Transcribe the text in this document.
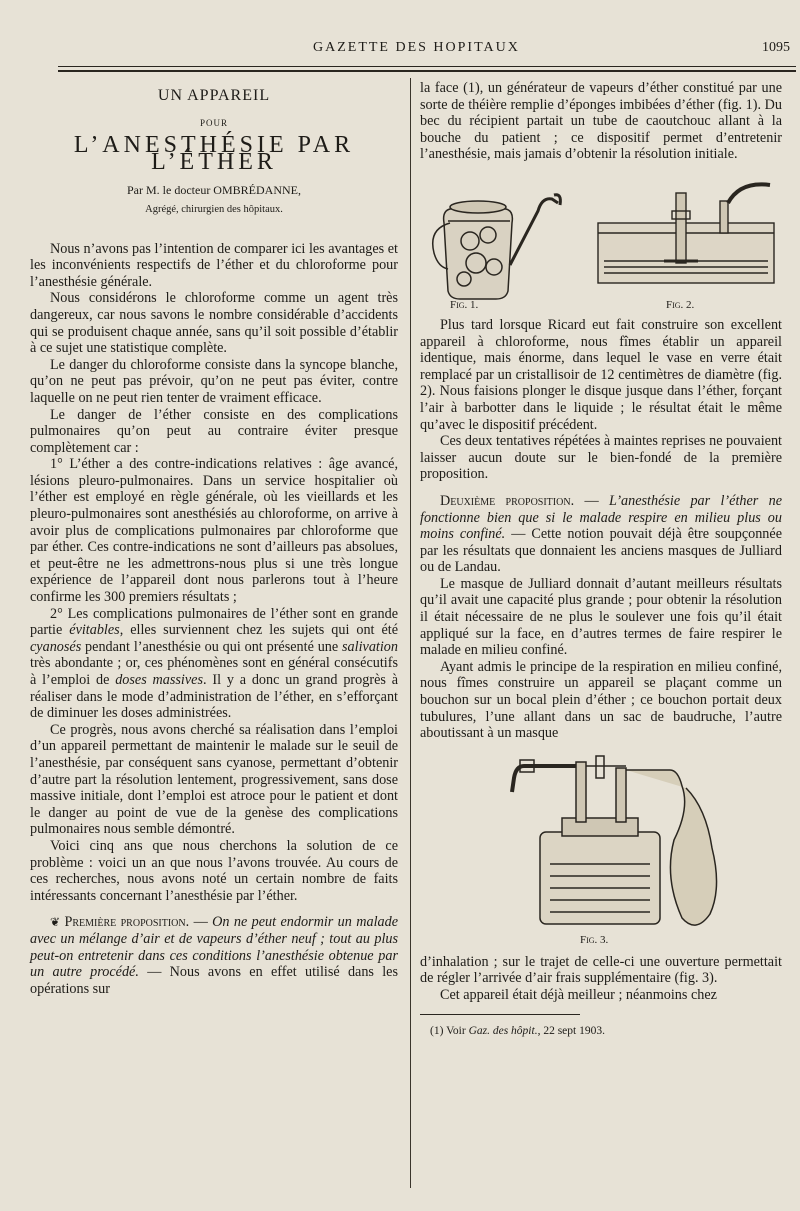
GAZETTE DES HOPITAUX	1095
UN APPAREIL
POUR
L’ANESTHÉSIE PAR L’ÉTHER
Par M. le docteur OMBRÉDANNE,
Agrégé, chirurgien des hôpitaux.

Nous n’avons pas l’intention de comparer ici les avantages et les inconvénients respectifs de l’éther et du chloroforme pour l’anesthésie générale.

Nous considérons le chloroforme comme un agent très dangereux, car nous savons le nombre considérable d’accidents qui se produisent chaque année, sans qu’il soit possible d’établir à ce sujet une statistique complète.

Le danger du chloroforme consiste dans la syncope blanche, qu’on ne peut pas prévoir, qu’on ne peut pas éviter, contre laquelle on ne peut rien tenter de vraiment efficace.

Le danger de l’éther consiste en des complications pulmonaires qu’on peut au contraire éviter presque complètement car :

1° L’éther a des contre-indications relatives : âge avancé, lésions pleuro-pulmonaires. Dans un service hospitalier où l’éther est employé en règle générale, où les vieillards et les pleuro-pulmonaires sont anesthésiés au chloroforme, on arrive à avoir plus de complications pulmonaires par chloroforme que par éther. Ces contre-indications ne sont d’ailleurs pas absolues, et peut-être ne les admettrons-nous plus si une très longue expérience de l’appareil dont nous parlerons tout à l’heure confirme les 300 premiers résultats ;

2° Les complications pulmonaires de l’éther sont en grande partie évitables, elles surviennent chez les sujets qui ont été cyanosés pendant l’anesthésie ou qui ont présenté une salivation très abondante ; or, ces phénomènes sont en général consécutifs à l’emploi de doses massives. Il y a donc un grand progrès à réaliser dans le mode d’administration de l’éther, en s’efforçant de diminuer les doses administrées.

Ce progrès, nous avons cherché sa réalisation dans l’emploi d’un appareil permettant de maintenir le malade sur le seuil de l’anesthésie, par conséquent sans cyanose, permettant d’obtenir d’autre part la résolution lentement, progressivement, sans dose massive initiale, dont l’emploi est atroce pour le patient et dont le danger au point de vue de la genèse des complications pulmonaires nous semble démontré.

Voici cinq ans que nous cherchons la solution de ce problème : voici un an que nous l’avons trouvée. Au cours de ces recherches, nous avons noté un certain nombre de faits intéressants concernant l’anesthésie par l’éther.

❦ Première proposition. — On ne peut endormir un malade avec un mélange d’air et de vapeurs d’éther neuf ; tout au plus peut-on entretenir dans ces conditions l’anesthésie obtenue par un autre procédé. — Nous avons en effet utilisé dans les opérations sur

la face (1), un générateur de vapeurs d’éther constitué par une sorte de théière remplie d’éponges imbibées d’éther (fig. 1). Du bec du récipient partait un tube de caoutchouc allant à la bouche du patient ; ce dispositif permet d’entretenir l’anesthésie, mais jamais d’obtenir la résolution initiale.

Fig. 1.	Fig. 2.

Plus tard lorsque Ricard eut fait construire son excellent appareil à chloroforme, nous fîmes établir un appareil identique, mais énorme, dans lequel le vase en verre était remplacé par un cristallisoir de 12 centimètres de diamètre (fig. 2). Nous faisions plonger le disque jusque dans l’éther, forçant l’air à barbotter dans le liquide ; le résultat était le même qu’avec le dispositif précédent.

Ces deux tentatives répétées à maintes reprises ne pouvaient laisser aucun doute sur le bien-fondé de la première proposition.

Deuxième proposition. — L’anesthésie par l’éther ne fonctionne bien que si le malade respire en milieu plus ou moins confiné. — Cette notion pouvait déjà être soupçonnée par les résultats que donnaient les anciens masques de Julliard ou de Landau.

Le masque de Julliard donnait d’autant meilleurs résultats qu’il avait une capacité plus grande ; pour obtenir la résolution il était nécessaire de ne plus le soulever une fois qu’il était appliqué sur la face, en d’autres termes de faire respirer le malade en milieu confiné.

Ayant admis le principe de la respiration en milieu confiné, nous fîmes construire un appareil se plaçant comme un bouchon sur un bocal plein d’éther ; ce bouchon portait deux tubulures, l’une allant dans un sac de baudruche, l’autre aboutissant à un masque

Fig. 3.

d’inhalation ; sur le trajet de celle-ci une ouverture permettait de régler l’arrivée d’air frais supplémentaire (fig. 3).

Cet appareil était déjà meilleur ; néanmoins chez

(1) Voir Gaz. des hôpit., 22 sept 1903.
